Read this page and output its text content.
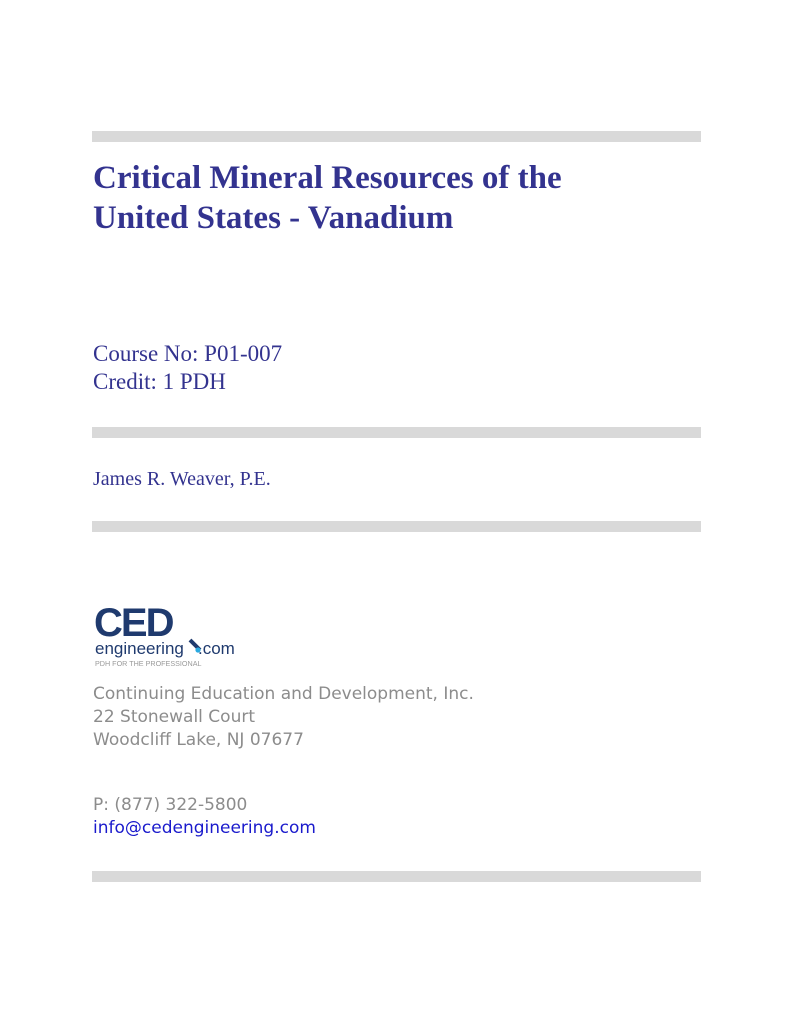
Critical Mineral Resources of the
United States - Vanadium
Course No: P01-007
Credit: 1 PDH
James R. Weaver, P.E.
CED
engineering .com
PDH FOR THE PROFESSIONAL
Continuing Education and Development, Inc.
22 Stonewall Court
Woodcliff Lake, NJ 07677
P: (877) 322-5800
info@cedengineering.com
